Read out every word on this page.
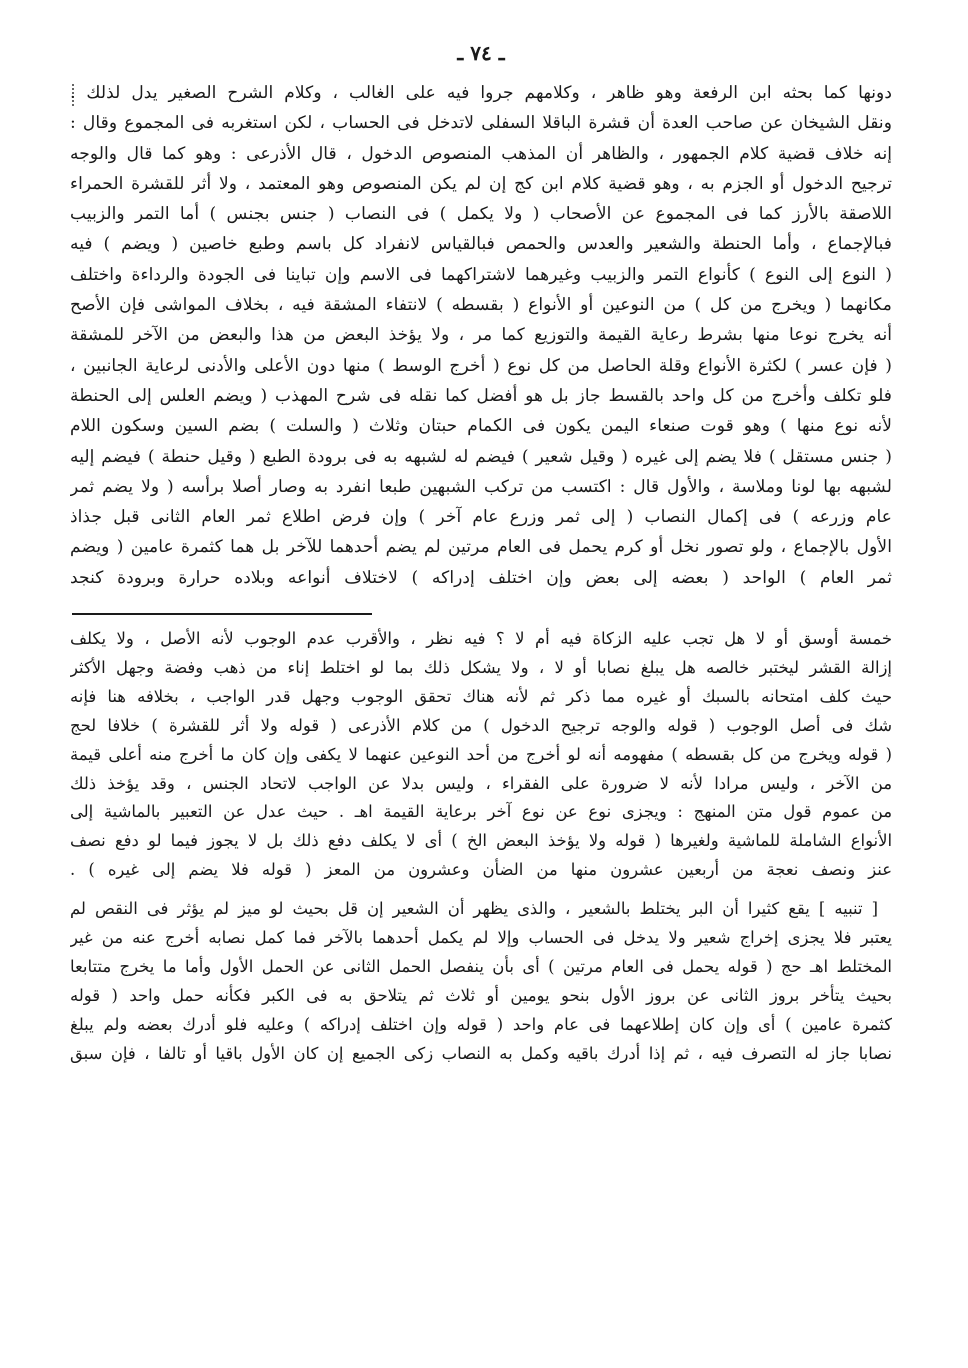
ـ ٧٤ ـ
دونها كما بحثه ابن الرفعة وهو ظاهر ، وكلامهم جروا فيه على الغالب ، وكلام الشرح الصغير يدل لذلك .
ونقل الشيخان عن صاحب العدة أن قشرة الباقلا السفلى لاتدخل فى الحساب ، لكن استغربه فى المجموع وقال :
إنه خلاف قضية كلام الجمهور ، والظاهر أن المذهب المنصوص الدخول ، قال الأذرعى : وهو كما قال والوجه
ترجيح الدخول أو الجزم به ، وهو قضية كلام ابن كج إن لم يكن المنصوص وهو المعتمد ، ولا أثر للقشرة الحمراء
اللاصقة بالأرز كما فى المجموع عن الأصحاب ( ولا يكمل ) فى النصاب ( جنس بجنس ) أما التمر والزبيب
فبالإجماع ، وأما الحنطة والشعير والعدس والحمص فبالقياس لانفراد كل باسم وطبع خاصين ( ويضم ) فيه
( النوع إلى النوع ) كأنواع التمر والزبيب وغيرهما لاشتراكهما فى الاسم وإن تباينا فى الجودة والرداءة واختلف
مكانهما ( ويخرج من كل ) من النوعين أو الأنواع ( بقسطه ) لانتفاء المشقة فيه ، بخلاف المواشى فإن الأصح
أنه يخرج نوعا منها بشرط رعاية القيمة والتوزيع كما مر ، ولا يؤخذ البعض من هذا والبعض من الآخر للمشقة
( فإن عسر ) لكثرة الأنواع وقلة الحاصل من كل نوع ( أخرج الوسط ) منها دون الأعلى والأدنى لرعاية الجانبين ،
فلو تكلف وأخرج من كل واحد بالقسط جاز بل هو أفضل كما نقله فى شرح المهذب ( ويضم العلس إلى الحنطة
لأنه نوع منها ) وهو قوت صنعاء اليمن يكون فى الكمام حبتان وثلاث ( والسلت ) بضم السين وسكون اللام
( جنس مستقل ) فلا يضم إلى غيره ( وقيل شعير ) فيضم له لشبهه به فى برودة الطبع ( وقيل حنطة ) فيضم إليه
لشبهه بها لونا وملاسة ، والأول قال : اكتسب من تركب الشبهين طبعا انفرد به وصار أصلا برأسه ( ولا يضم ثمر
عام وزرعه ) فى إكمال النصاب ( إلى ثمر وزرع عام آخر ) وإن فرض اطلاع ثمر العام الثانى قبل جذاذ
الأول بالإجماع ، ولو تصور نخل أو كرم يحمل فى العام مرتين لم يضم أحدهما للآخر بل هما كثمرة عامين ( ويضم
ثمر العام ) الواحد ( بعضه إلى بعض وإن اختلف إدراكه ) لاختلاف أنواعه وبلاده حرارة وبرودة كنجد
خمسة أوسق أو لا هل تجب عليه الزكاة فيه أم لا ؟ فيه نظر ، والأقرب عدم الوجوب لأنه الأصل ، ولا يكلف
إزالة القشر ليختبر خالصه هل يبلغ نصابا أو لا ، ولا يشكل ذلك بما لو اختلط إناء من ذهب وفضة وجهل الأكثر
حيث كلف امتحانه بالسبك أو غيره مما ذكر ثم لأنه هناك تحقق الوجوب وجهل قدر الواجب ، بخلافه هنا فإنه
شك فى أصل الوجوب ( قوله والوجه ترجيح الدخول ) من كلام الأذرعى ( قوله ولا أثر للقشرة ) خلافا لحج
( قوله ويخرج من كل بقسطه ) مفهومه أنه لو أخرج من أحد النوعين عنهما لا يكفى وإن كان ما أخرج منه أعلى قيمة
من الآخر ، وليس مرادا لأنه لا ضرورة على الفقراء ، وليس بدلا عن الواجب لاتحاد الجنس ، وقد يؤخذ ذلك
من عموم قول متن المنهج : ويجزى نوع عن نوع آخر برعاية القيمة اهـ . حيث عدل عن التعبير بالماشية إلى
الأنواع الشاملة للماشية ولغيرها ( قوله ولا يؤخذ البعض الخ ) أى لا يكلف دفع ذلك بل لا يجوز فيما لو دفع نصف
عنز ونصف نعجة من أربعين عشرون منها من الضأن وعشرون من المعز ( قوله فلا يضم إلى غيره ) .
[ تنبيه ] يقع كثيرا أن البر يختلط بالشعير ، والذى يظهر أن الشعير إن قل بحيث لو ميز لم يؤثر فى النقص لم
يعتبر فلا يجزى إخراج شعير ولا يدخل فى الحساب وإلا لم يكمل أحدهما بالآخر فما كمل نصابه أخرج عنه من غير
المختلط اهـ حج ( قوله يحمل فى العام مرتين ) أى بأن ينفصل الحمل الثانى عن الحمل الأول وأما ما يخرج متتابعا
بحيث يتأخر بروز الثانى عن بروز الأول بنحو يومين أو ثلاث ثم يتلاحق به فى الكبر فكأنه حمل واحد ( قوله
كثمرة عامين ) أى وإن كان إطلاعهما فى عام واحد ( قوله وإن اختلف إدراكه ) وعليه فلو أدرك بعضه ولم يبلغ
نصابا جاز له التصرف فيه ، ثم إذا أدرك باقيه وكمل به النصاب زكى الجميع إن كان الأول باقيا أو تالفا ، فإن سبق
